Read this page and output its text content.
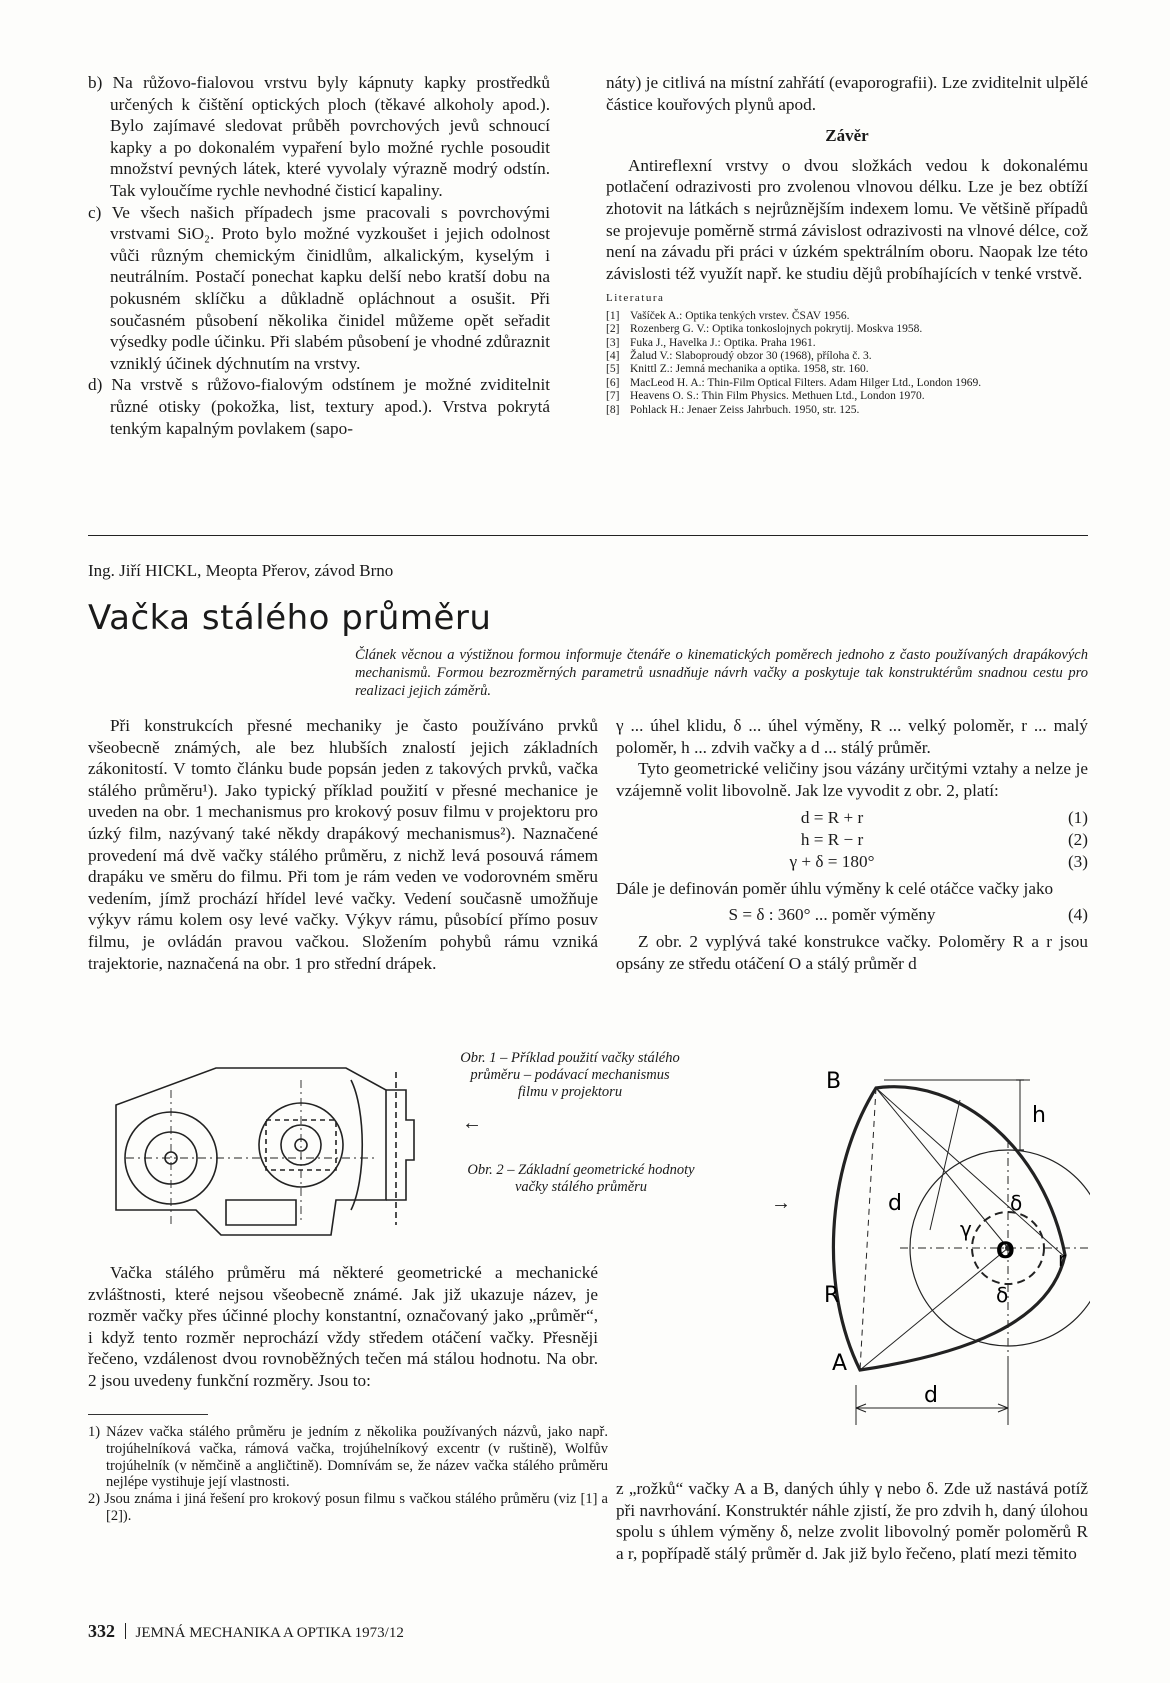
b) Na růžovo-fialovou vrstvu byly kápnuty kapky prostředků určených k čištění optických ploch (těkavé alkoholy apod.). Bylo zajímavé sledovat průběh povrchových jevů schnoucí kapky a po dokonalém vypaření bylo možné rychle posoudit množství pevných látek, které vyvolaly výrazně modrý odstín. Tak vyloučíme rychle nevhodné čisticí kapaliny.

c) Ve všech našich případech jsme pracovali s povrchovými vrstvami SiO₂. Proto bylo možné vyzkoušet i jejich odolnost vůči různým chemickým činidlům, alkalickým, kyselým i neutrálním. Postačí ponechat kapku delší nebo kratší dobu na pokusném sklíčku a důkladně opláchnout a osušit. Při současném působení několika činidel můžeme opět seřadit výsedky podle účinku. Při slabém působení je vhodné zdůraznit vzniklý účinek dýchnutím na vrstvy.

d) Na vrstvě s růžovo-fialovým odstínem je možné zviditelnit různé otisky (pokožka, list, textury apod.). Vrstva pokrytá tenkým kapalným povlakem (sapo-

náty) je citlivá na místní zahřátí (evaporografii). Lze zviditelnit ulpělé částice kouřových plynů apod.

Závěr

Antireflexní vrstvy o dvou složkách vedou k dokonalému potlačení odrazivosti pro zvolenou vlnovou délku. Lze je bez obtíží zhotovit na látkách s nejrůznějším indexem lomu. Ve většině případů se projevuje poměrně strmá závislost odrazivosti na vlnové délce, což není na závadu při práci v úzkém spektrálním oboru. Naopak lze této závislosti též využít např. ke studiu dějů probíhajících v tenké vrstvě.

Literatura
[1] Vašíček A.: Optika tenkých vrstev. ČSAV 1956.
[2] Rozenberg G. V.: Optika tonkoslojnych pokrytij. Moskva 1958.
[3] Fuka J., Havelka J.: Optika. Praha 1961.
[4] Žalud V.: Slaboproudý obzor 30 (1968), příloha č. 3.
[5] Knittl Z.: Jemná mechanika a optika. 1958, str. 160.
[6] MacLeod H. A.: Thin-Film Optical Filters. Adam Hilger Ltd., London 1969.
[7] Heavens O. S.: Thin Film Physics. Methuen Ltd., London 1970.
[8] Pohlack H.: Jenaer Zeiss Jahrbuch. 1950, str. 125.
Ing. Jiří HICKL, Meopta Přerov, závod Brno
Vačka stálého průměru
Článek věcnou a výstižnou formou informuje čtenáře o kinematických poměrech jednoho z často používaných drapákových mechanismů. Formou bezrozměrných parametrů usnadňuje návrh vačky a poskytuje tak konstruktérům snadnou cestu pro realizaci jejich záměrů.

Při konstrukcích přesné mechaniky je často používáno prvků všeobecně známých, ale bez hlubších znalostí jejich základních zákonitostí. V tomto článku bude popsán jeden z takových prvků, vačka stálého průměru¹). Jako typický příklad použití v přesné mechanice je uveden na obr. 1 mechanismus pro krokový posuv filmu v projektoru pro úzký film, nazývaný také někdy drapákový mechanismus²). Naznačené provedení má dvě vačky stálého průměru, z nichž levá posouvá rámem drapáku ve směru do filmu. Při tom je rám veden ve vodorovném směru vedením, jímž prochází hřídel levé vačky. Vedení současně umožňuje výkyv rámu kolem osy levé vačky. Výkyv rámu, působící přímo posuv filmu, je ovládán pravou vačkou. Složením pohybů rámu vzniká trajektorie, naznačená na obr. 1 pro střední drápek.

Obr. 1 – Příklad použití vačky stálého průměru – podávací mechanismus filmu v projektoru
←
Obr. 2 – Základní geometrické hodnoty vačky stálého průměru
→

Vačka stálého průměru má některé geometrické a mechanické zvláštnosti, které nejsou všeobecně známé. Jak již ukazuje název, je rozměr vačky přes účinné plochy konstantní, označovaný jako „průměr“, i když tento rozměr neprochází vždy středem otáčení vačky. Přesněji řečeno, vzdálenost dvou rovnoběžných tečen má stálou hodnotu. Na obr. 2 jsou uvedeny funkční rozměry. Jsou to:

1) Název vačka stálého průměru je jedním z několika používaných názvů, jako např. trojúhelníková vačka, rámová vačka, trojúhelníkový excentr (v ruštině), Wolfův trojúhelník (v němčině a angličtině). Domnívám se, že název vačka stálého průměru nejlépe vystihuje její vlastnosti.

2) Jsou známa i jiná řešení pro krokový posun filmu s vačkou stálého průměru (viz [1] a [2]).

γ ... úhel klidu, δ ... úhel výměny, R ... velký poloměr, r ... malý poloměr, h ... zdvih vačky a d ... stálý průměr.

Tyto geometrické veličiny jsou vázány určitými vztahy a nelze je vzájemně volit libovolně. Jak lze vyvodit z obr. 2, platí:

d = R + r	(1)
h = R − r	(2)
γ + δ = 180°	(3)

Dále je definován poměr úhlu výměny k celé otáčce vačky jako

S = δ : 360° ... poměr výměny	(4)

Z obr. 2 vyplývá také konstrukce vačky. Poloměry R a r jsou opsány ze středu otáčení O a stálý průměr d

B
A
h
d
d
R
r
O
γ
δ
δ

z „rožků“ vačky A a B, daných úhly γ nebo δ. Zde už nastává potíž při navrhování. Konstruktér náhle zjistí, že pro zdvih h, daný úlohou spolu s úhlem výměny δ, nelze zvolit libovolný poměr poloměrů R a r, popřípadě stálý průměr d. Jak již bylo řečeno, platí mezi těmito

332 JEMNÁ MECHANIKA A OPTIKA 1973/12
